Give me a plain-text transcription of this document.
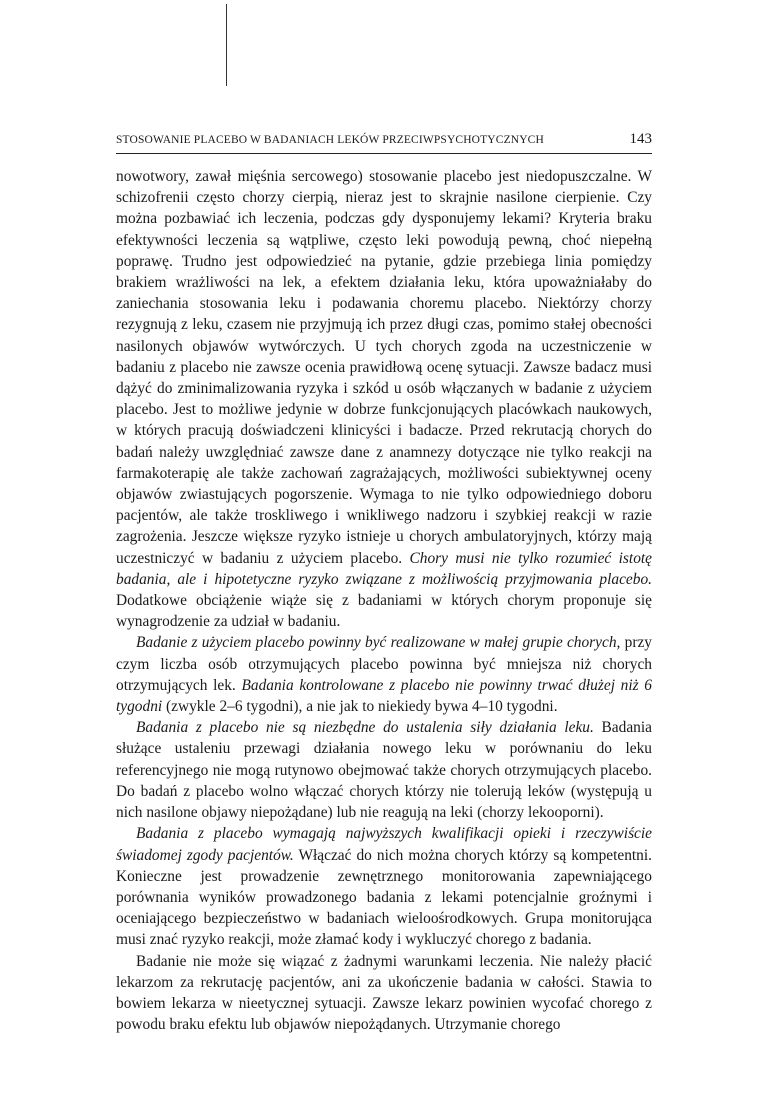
STOSOWANIE PLACEBO W BADANIACH LEKÓW PRZECIWPSYCHOTYCZNYCH	143

nowotwory, zawał mięśnia sercowego) stosowanie placebo jest niedopuszczalne. W schizofrenii często chorzy cierpią, nieraz jest to skrajnie nasilone cierpienie. Czy można pozbawiać ich leczenia, podczas gdy dysponujemy lekami? Kryteria braku efektywności leczenia są wątpliwe, często leki powodują pewną, choć niepełną poprawę. Trudno jest odpowiedzieć na pytanie, gdzie przebiega linia pomiędzy brakiem wrażliwości na lek, a efektem działania leku, która upoważniałaby do zaniechania stosowania leku i podawania choremu placebo. Niektórzy chorzy rezygnują z leku, czasem nie przyjmują ich przez długi czas, pomimo stałej obecności nasilonych objawów wytwórczych. U tych chorych zgoda na uczestniczenie w badaniu z placebo nie zawsze ocenia prawidłową ocenę sytuacji. Zawsze badacz musi dążyć do zminimalizowania ryzyka i szkód u osób włączanych w badanie z użyciem placebo. Jest to możliwe jedynie w dobrze funkcjonujących placówkach naukowych, w których pracują doświadczeni klinicyści i badacze. Przed rekrutacją chorych do badań należy uwzględniać zawsze dane z anamnezy dotyczące nie tylko reakcji na farmakoterapię ale także zachowań zagrażających, możliwości subiektywnej oceny objawów zwiastujących pogorszenie. Wymaga to nie tylko odpowiedniego doboru pacjentów, ale także troskliwego i wnikliwego nadzoru i szybkiej reakcji w razie zagrożenia. Jeszcze większe ryzyko istnieje u chorych ambulatoryjnych, którzy mają uczestniczyć w badaniu z użyciem placebo. Chory musi nie tylko rozumieć istotę badania, ale i hipotetyczne ryzyko związane z możliwością przyjmowania placebo. Dodatkowe obciążenie wiąże się z badaniami w których chorym proponuje się wynagrodzenie za udział w badaniu.

Badanie z użyciem placebo powinny być realizowane w małej grupie chorych, przy czym liczba osób otrzymujących placebo powinna być mniejsza niż chorych otrzymujących lek. Badania kontrolowane z placebo nie powinny trwać dłużej niż 6 tygodni (zwykle 2–6 tygodni), a nie jak to niekiedy bywa 4–10 tygodni.

Badania z placebo nie są niezbędne do ustalenia siły działania leku. Badania służące ustaleniu przewagi działania nowego leku w porównaniu do leku referencyjnego nie mogą rutynowo obejmować także chorych otrzymujących placebo. Do badań z placebo wolno włączać chorych którzy nie tolerują leków (występują u nich nasilone objawy niepożądane) lub nie reagują na leki (chorzy lekooporni).

Badania z placebo wymagają najwyższych kwalifikacji opieki i rzeczywiście świadomej zgody pacjentów. Włączać do nich można chorych którzy są kompetentni. Konieczne jest prowadzenie zewnętrznego monitorowania zapewniającego porównania wyników prowadzonego badania z lekami potencjalnie groźnymi i oceniającego bezpieczeństwo w badaniach wieloośrodkowych. Grupa monitorująca musi znać ryzyko reakcji, może złamać kody i wykluczyć chorego z badania.

Badanie nie może się wiązać z żadnymi warunkami leczenia. Nie należy płacić lekarzom za rekrutację pacjentów, ani za ukończenie badania w całości. Stawia to bowiem lekarza w nieetycznej sytuacji. Zawsze lekarz powinien wycofać chorego z powodu braku efektu lub objawów niepożądanych. Utrzymanie chorego
